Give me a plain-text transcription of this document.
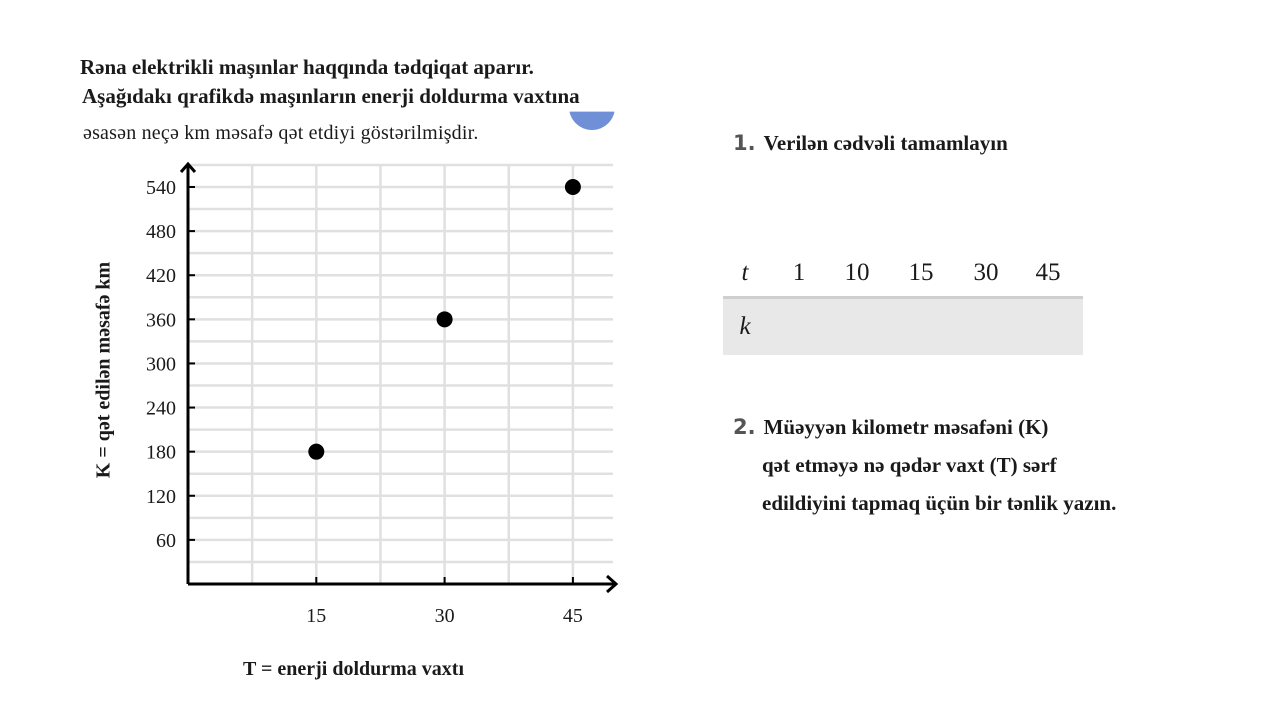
Rəna elektrikli maşınlar haqqında tədqiqat aparır.
Aşağıdakı qrafikdə maşınların enerji doldurma vaxtına
əsasən neçə km məsafə qət etdiyi göstərilmişdir.
60
120
180
240
300
360
420
480
540
15	30	45
K = qət edilən məsafə km
T = enerji doldurma vaxtı
1. Verilən cədvəli tamamlayın
t	1	10	15	30	45
k					
2. Müəyyən kilometr məsafəni (K)
qət etməyə nə qədər vaxt (T) sərf
edildiyini tapmaq üçün bir tənlik yazın.
